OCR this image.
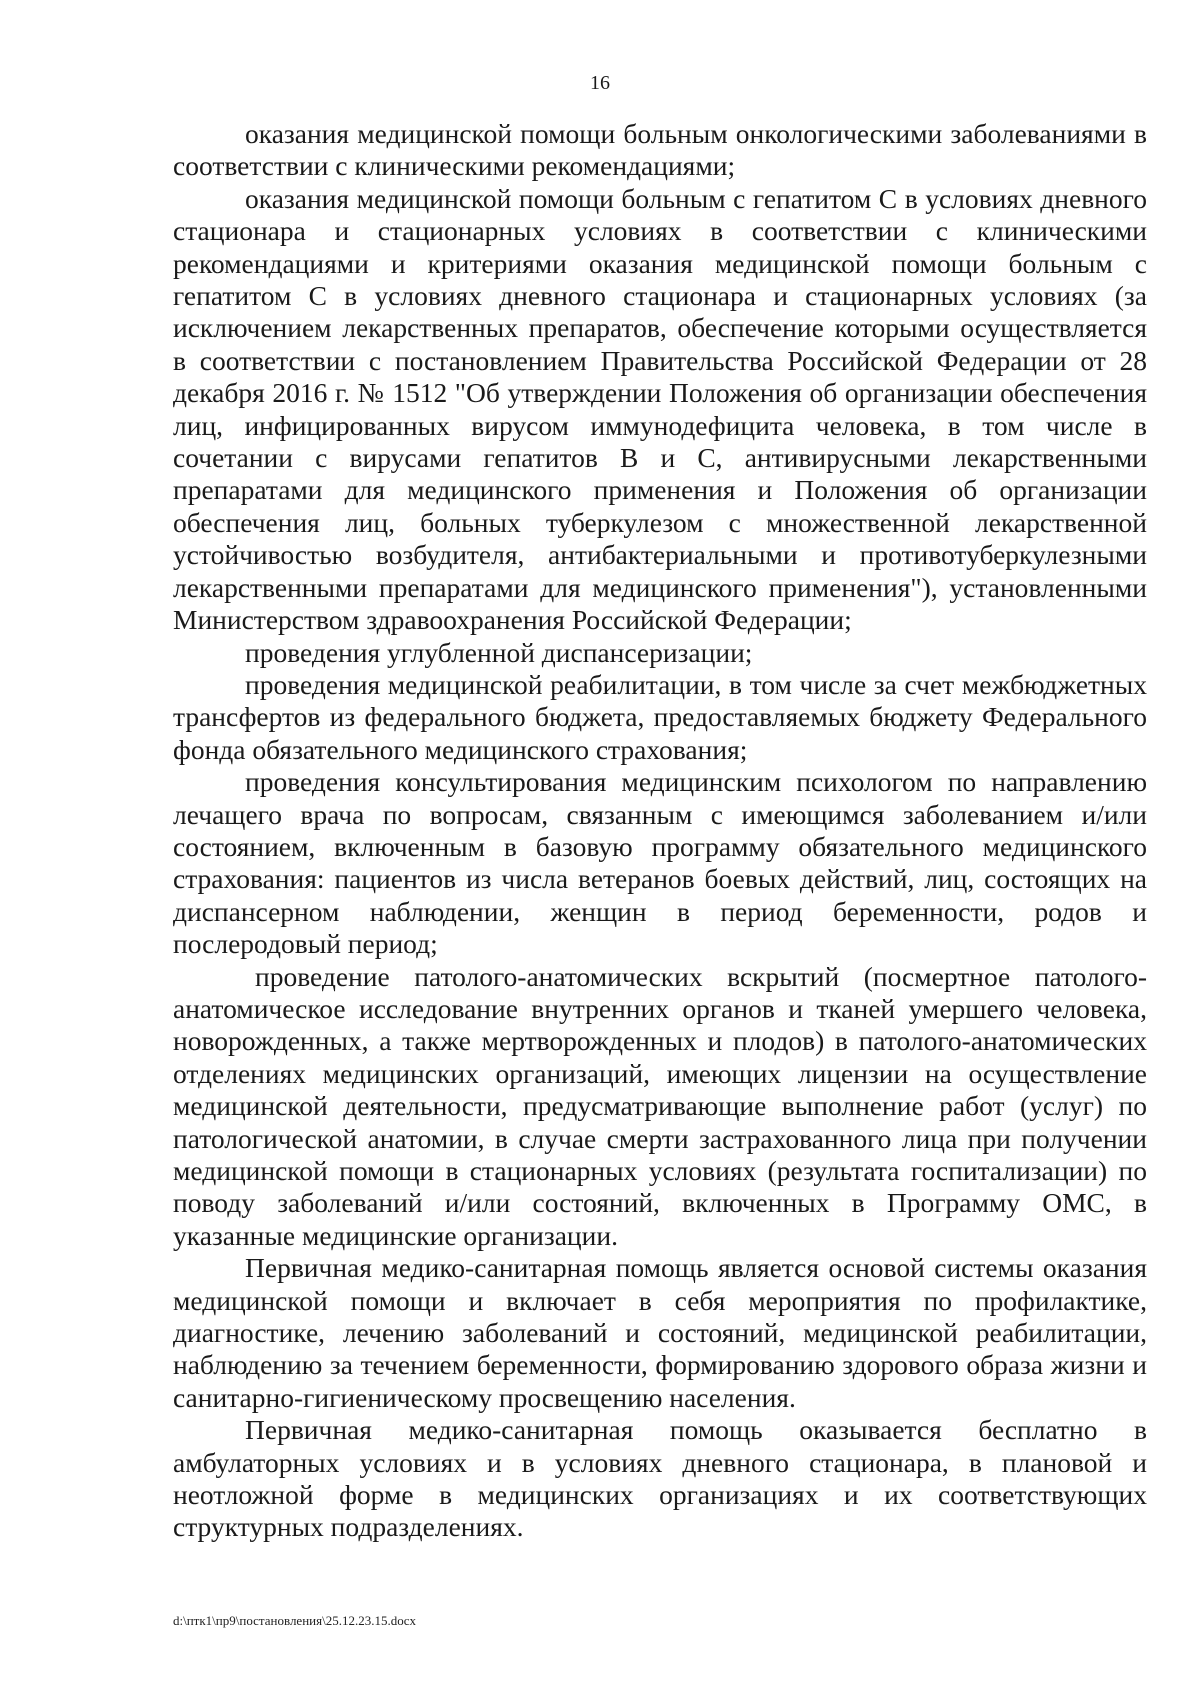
16

оказания медицинской помощи больным онкологическими заболеваниями в соответствии с клиническими рекомендациями;

оказания медицинской помощи больным с гепатитом С в условиях дневного стационара и стационарных условиях в соответствии с клиническими рекомендациями и критериями оказания медицинской помощи больным с гепатитом С в условиях дневного стационара и стационарных условиях (за исключением лекарственных препаратов, обеспечение которыми осуществляется в соответствии с постановлением Правительства Российской Федерации от 28 декабря 2016 г. № 1512 "Об утверждении Положения об организации обеспечения лиц, инфицированных вирусом иммунодефицита человека, в том числе в сочетании с вирусами гепатитов В и С, антивирусными лекарственными препаратами для медицинского применения и Положения об организации обеспечения лиц, больных туберкулезом с множественной лекарственной устойчивостью возбудителя, антибактериальными и противотуберкулезными лекарственными препаратами для медицинского применения"), установленными Министерством здравоохранения Российской Федерации;

проведения углубленной диспансеризации;

проведения медицинской реабилитации, в том числе за счет межбюджетных трансфертов из федерального бюджета, предоставляемых бюджету Федерального фонда обязательного медицинского страхования;

проведения консультирования медицинским психологом по направлению лечащего врача по вопросам, связанным с имеющимся заболеванием и/или состоянием, включенным в базовую программу обязательного медицинского страхования: пациентов из числа ветеранов боевых действий, лиц, состоящих на диспансерном наблюдении, женщин в период беременности, родов и послеродовый период;

проведение патолого-анатомических вскрытий (посмертное патолого-анатомическое исследование внутренних органов и тканей умершего человека, новорожденных, а также мертворожденных и плодов) в патолого-анатомических отделениях медицинских организаций, имеющих лицензии на осуществление медицинской деятельности, предусматривающие выполнение работ (услуг) по патологической анатомии, в случае смерти застрахованного лица при получении медицинской помощи в стационарных условиях (результата госпитализации) по поводу заболеваний и/или состояний, включенных в Программу ОМС, в указанные медицинские организации.

Первичная медико-санитарная помощь является основой системы оказания медицинской помощи и включает в себя мероприятия по профилактике, диагностике, лечению заболеваний и состояний, медицинской реабилитации, наблюдению за течением беременности, формированию здорового образа жизни и санитарно-гигиеническому просвещению населения.

Первичная медико-санитарная помощь оказывается бесплатно в амбулаторных условиях и в условиях дневного стационара, в плановой и неотложной форме в медицинских организациях и их соответствующих структурных подразделениях.

d:\птк1\пр9\постановления\25.12.23.15.docx
